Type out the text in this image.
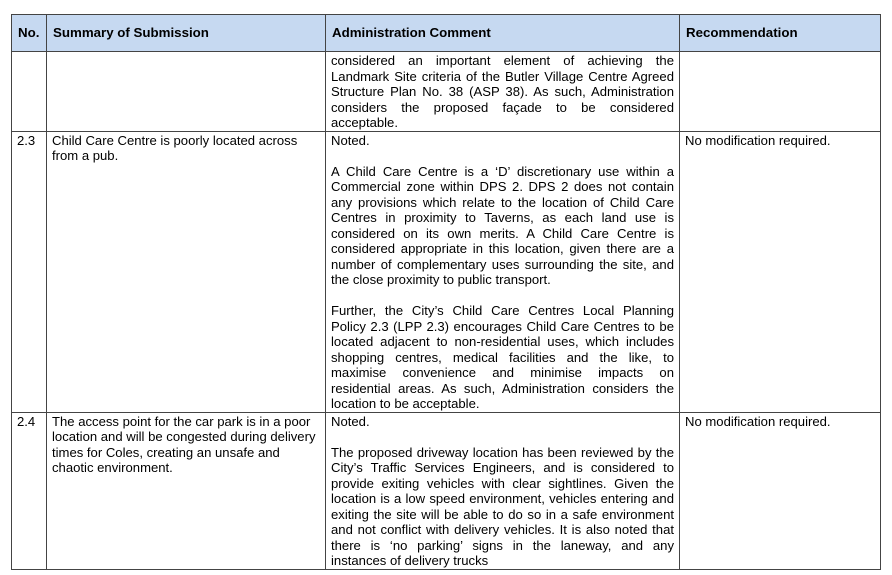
No.	Summary of Submission	Administration Comment	Recommendation

		considered an important element of achieving the Landmark Site criteria of the Butler Village Centre Agreed Structure Plan No. 38 (ASP 38). As such, Administration considers the proposed façade to be considered acceptable.	

2.3	Child Care Centre is poorly located across from a pub.	Noted.

A Child Care Centre is a ‘D’ discretionary use within a Commercial zone within DPS 2. DPS 2 does not contain any provisions which relate to the location of Child Care Centres in proximity to Taverns, as each land use is considered on its own merits. A Child Care Centre is considered appropriate in this location, given there are a number of complementary uses surrounding the site, and the close proximity to public transport.

Further, the City’s Child Care Centres Local Planning Policy 2.3 (LPP 2.3) encourages Child Care Centres to be located adjacent to non-residential uses, which includes shopping centres, medical facilities and the like, to maximise convenience and minimise impacts on residential areas. As such, Administration considers the location to be acceptable.	No modification required.
2.4	The access point for the car park is in a poor location and will be congested during delivery times for Coles, creating an unsafe and chaotic environment.	Noted.

The proposed driveway location has been reviewed by the City’s Traffic Services Engineers, and is considered to provide exiting vehicles with clear sightlines. Given the location is a low speed environment, vehicles entering and exiting the site will be able to do so in a safe environment and not conflict with delivery vehicles. It is also noted that there is ‘no parking’ signs in the laneway, and any instances of delivery trucks	No modification required.
